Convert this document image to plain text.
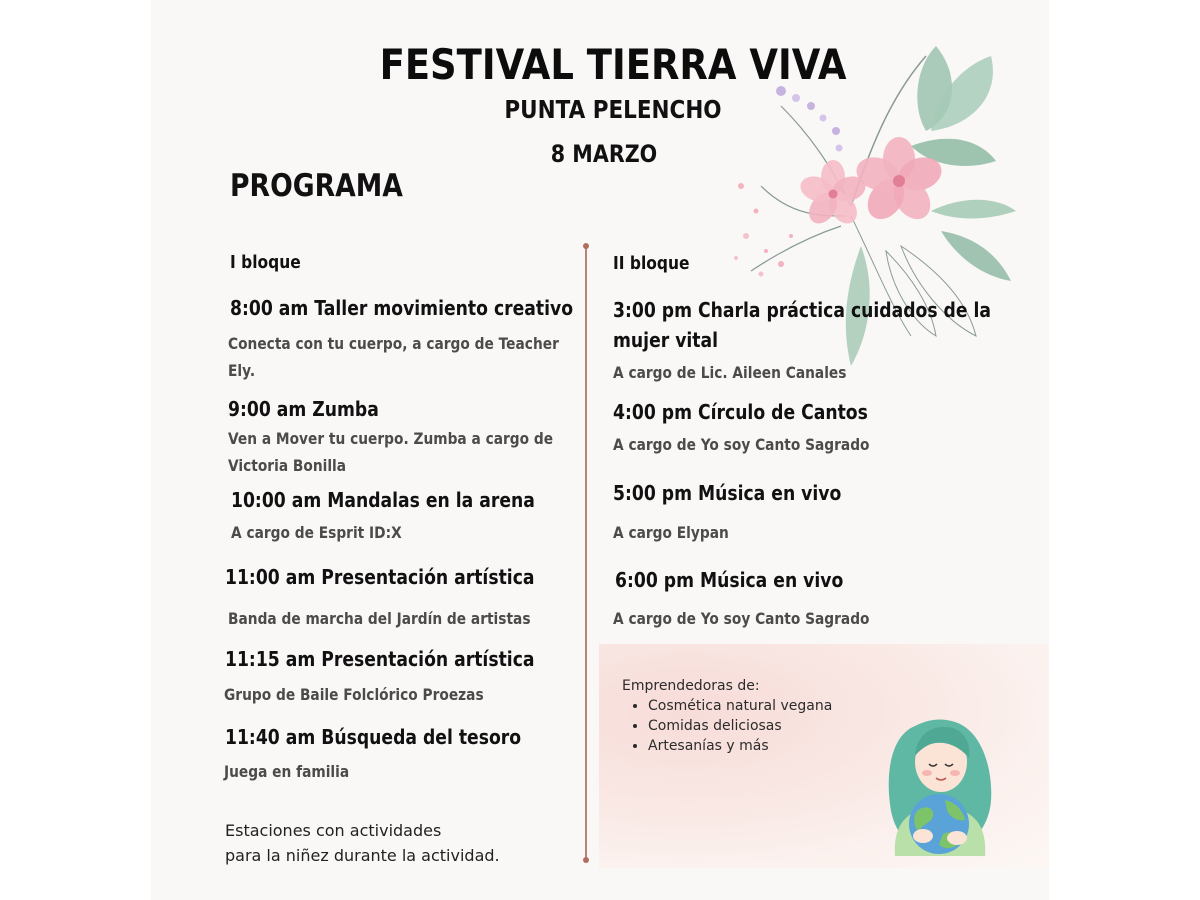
FESTIVAL TIERRA VIVA
PUNTA PELENCHO
8 MARZO
PROGRAMA
I bloque
8:00 am Taller movimiento creativo
Conecta con tu cuerpo, a cargo de Teacher
Ely.
9:00 am Zumba
Ven a Mover tu cuerpo. Zumba a cargo de
Victoria Bonilla
10:00 am Mandalas en la arena
A cargo de Esprit ID:X
11:00 am Presentación artística
Banda de marcha del Jardín de artistas
11:15 am Presentación artística
Grupo de Baile Folclórico Proezas
11:40 am Búsqueda del tesoro
Juega en familia
Estaciones con actividades
para la niñez durante la actividad.
II bloque
3:00 pm Charla práctica cuidados de la
mujer vital
A cargo de Lic. Aileen Canales
4:00 pm Círculo de Cantos
A cargo de Yo soy Canto Sagrado
5:00 pm Música en vivo
A cargo Elypan
6:00 pm Música en vivo
A cargo de Yo soy Canto Sagrado
Emprendedoras de:
• Cosmética natural vegana
• Comidas deliciosas
• Artesanías y más
